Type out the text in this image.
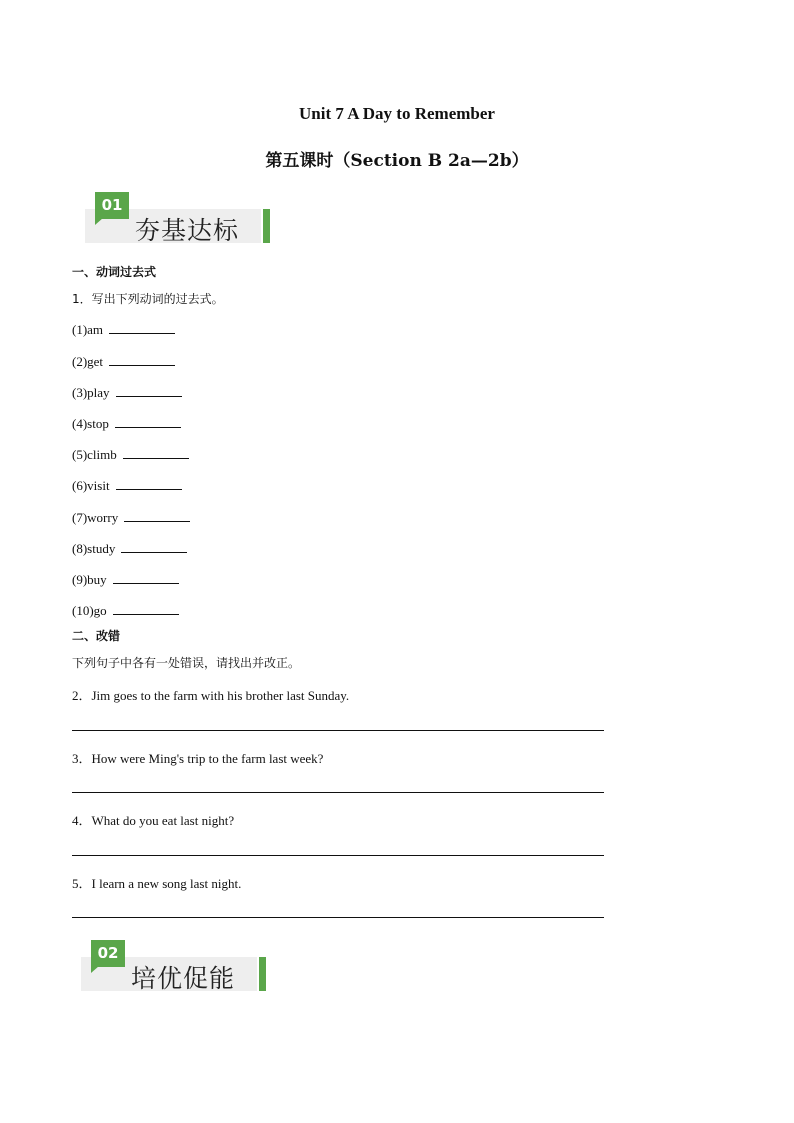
Unit 7 A Day to Remember
第五课时（Section B 2a—2b）
01
夯基达标
一、动词过去式
1．写出下列动词的过去式。
(1)am
(2)get
(3)play
(4)stop
(5)climb
(6)visit
(7)worry
(8)study
(9)buy
(10)go
二、改错
下列句子中各有一处错误，请找出并改正。
2．Jim goes to the farm with his brother last Sunday.
3．How were Ming's trip to the farm last week?
4．What do you eat last night?
5．I learn a new song last night.
02
培优促能
